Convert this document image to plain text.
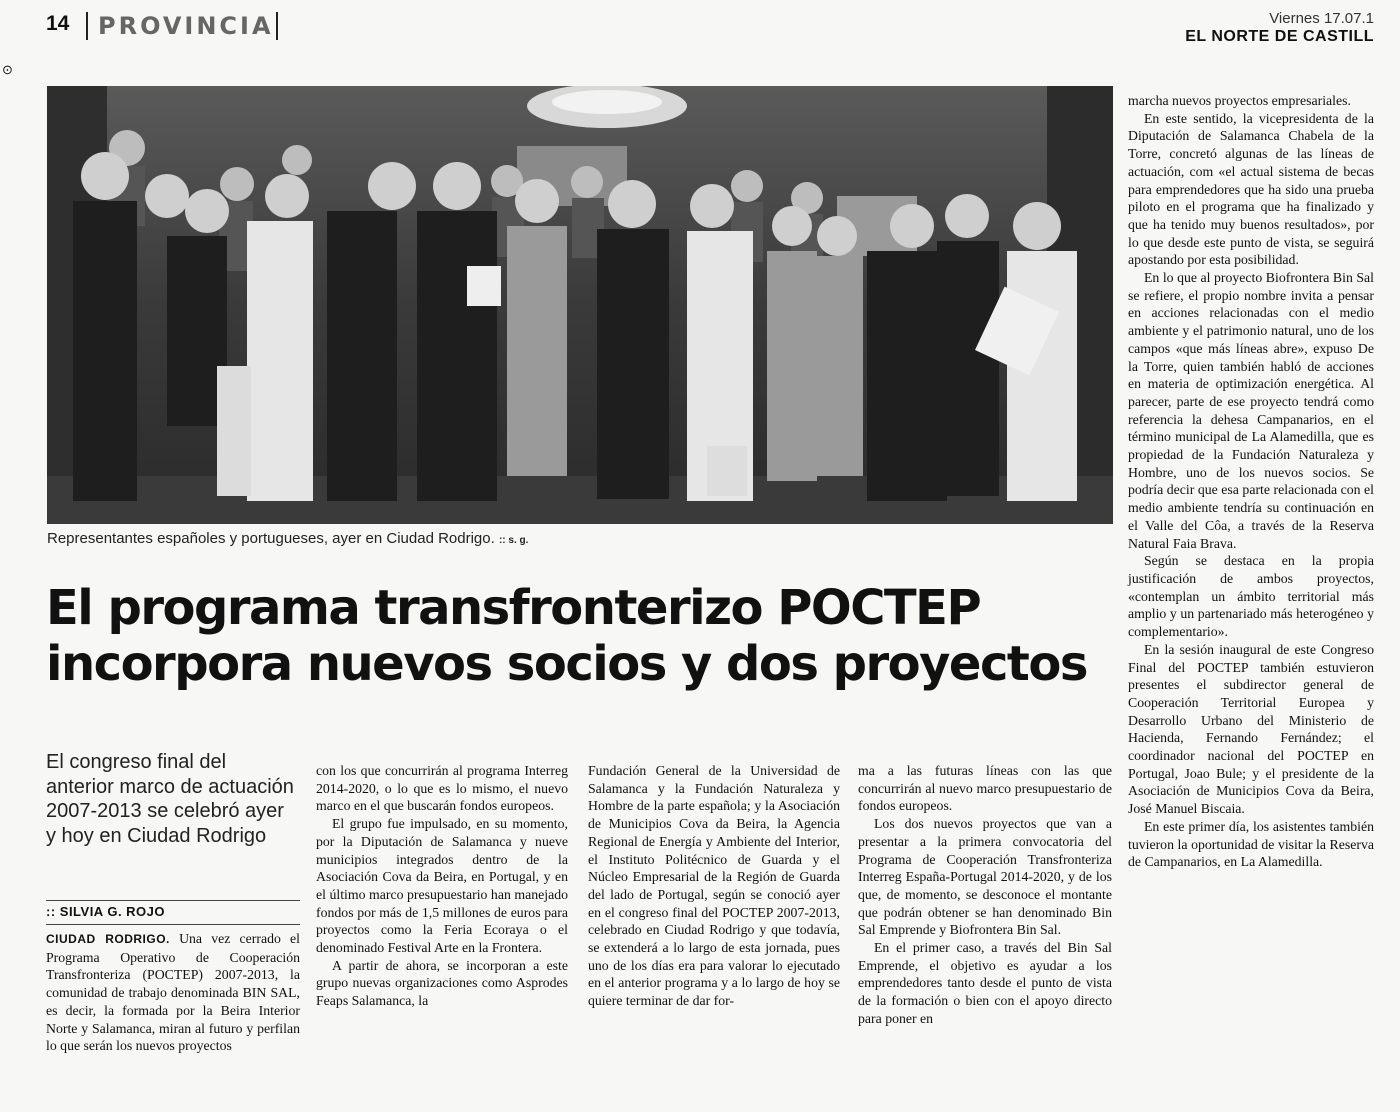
14 PROVINCIA	Viernes 17.07.1
EL NORTE DE CASTILL
⊙
Representantes españoles y portugueses, ayer en Ciudad Rodrigo. :: s. g.
El programa transfronterizo POCTEP
incorpora nuevos socios y dos proyectos
El congreso final del anterior marco de actuación 2007-2013 se celebró ayer y hoy en Ciudad Rodrigo
:: SILVIA G. ROJO

CIUDAD RODRIGO. Una vez cerrado el Programa Operativo de Cooperación Transfronteriza (POCTEP) 2007-2013, la comunidad de trabajo denominada BIN SAL, es decir, la formada por la Beira Interior Norte y Salamanca, miran al futuro y perfilan lo que serán los nuevos proyectos

con los que concurrirán al programa Interreg 2014-2020, o lo que es lo mismo, el nuevo marco en el que buscarán fondos europeos.

El grupo fue impulsado, en su momento, por la Diputación de Salamanca y nueve municipios integrados dentro de la Asociación Cova da Beira, en Portugal, y en el último marco presupuestario han manejado fondos por más de 1,5 millones de euros para proyectos como la Feria Ecoraya o el denominado Festival Arte en la Frontera.

A partir de ahora, se incorporan a este grupo nuevas organizaciones como Asprodes Feaps Salamanca, la

Fundación General de la Universidad de Salamanca y la Fundación Naturaleza y Hombre de la parte española; y la Asociación de Municipios Cova da Beira, la Agencia Regional de Energía y Ambiente del Interior, el Instituto Politécnico de Guarda y el Núcleo Empresarial de la Región de Guarda del lado de Portugal, según se conoció ayer en el congreso final del POCTEP 2007-2013, celebrado en Ciudad Rodrigo y que todavía, se extenderá a lo largo de esta jornada, pues uno de los días era para valorar lo ejecutado en el anterior programa y a lo largo de hoy se quiere terminar de dar for-

ma a las futuras líneas con las que concurrirán al nuevo marco presupuestario de fondos europeos.

Los dos nuevos proyectos que van a presentar a la primera convocatoria del Programa de Cooperación Transfronteriza Interreg España-Portugal 2014-2020, y de los que, de momento, se desconoce el montante que podrán obtener se han denominado Bin Sal Emprende y Biofrontera Bin Sal.

En el primer caso, a través del Bin Sal Emprende, el objetivo es ayudar a los emprendedores tanto desde el punto de vista de la formación o bien con el apoyo directo para poner en

marcha nuevos proyectos empresariales.

En este sentido, la vicepresidenta de la Diputación de Salamanca Chabela de la Torre, concretó algunas de las líneas de actuación, com «el actual sistema de becas para emprendedores que ha sido una prueba piloto en el programa que ha finalizado y que ha tenido muy buenos resultados», por lo que desde este punto de vista, se seguirá apostando por esta posibilidad.

En lo que al proyecto Biofrontera Bin Sal se refiere, el propio nombre invita a pensar en acciones relacionadas con el medio ambiente y el patrimonio natural, uno de los campos «que más líneas abre», expuso De la Torre, quien también habló de acciones en materia de optimización energética. Al parecer, parte de ese proyecto tendrá como referencia la dehesa Campanarios, en el término municipal de La Alamedilla, que es propiedad de la Fundación Naturaleza y Hombre, uno de los nuevos socios. Se podría decir que esa parte relacionada con el medio ambiente tendría su continuación en el Valle del Côa, a través de la Reserva Natural Faia Brava.

Según se destaca en la propia justificación de ambos proyectos, «contemplan un ámbito territorial más amplio y un partenariado más heterogéneo y complementario».

En la sesión inaugural de este Congreso Final del POCTEP también estuvieron presentes el subdirector general de Cooperación Territorial Europea y Desarrollo Urbano del Ministerio de Hacienda, Fernando Fernández; el coordinador nacional del POCTEP en Portugal, Joao Bule; y el presidente de la Asociación de Municipios Cova da Beira, José Manuel Biscaia.

En este primer día, los asistentes también tuvieron la oportunidad de visitar la Reserva de Campanarios, en La Alamedilla.
